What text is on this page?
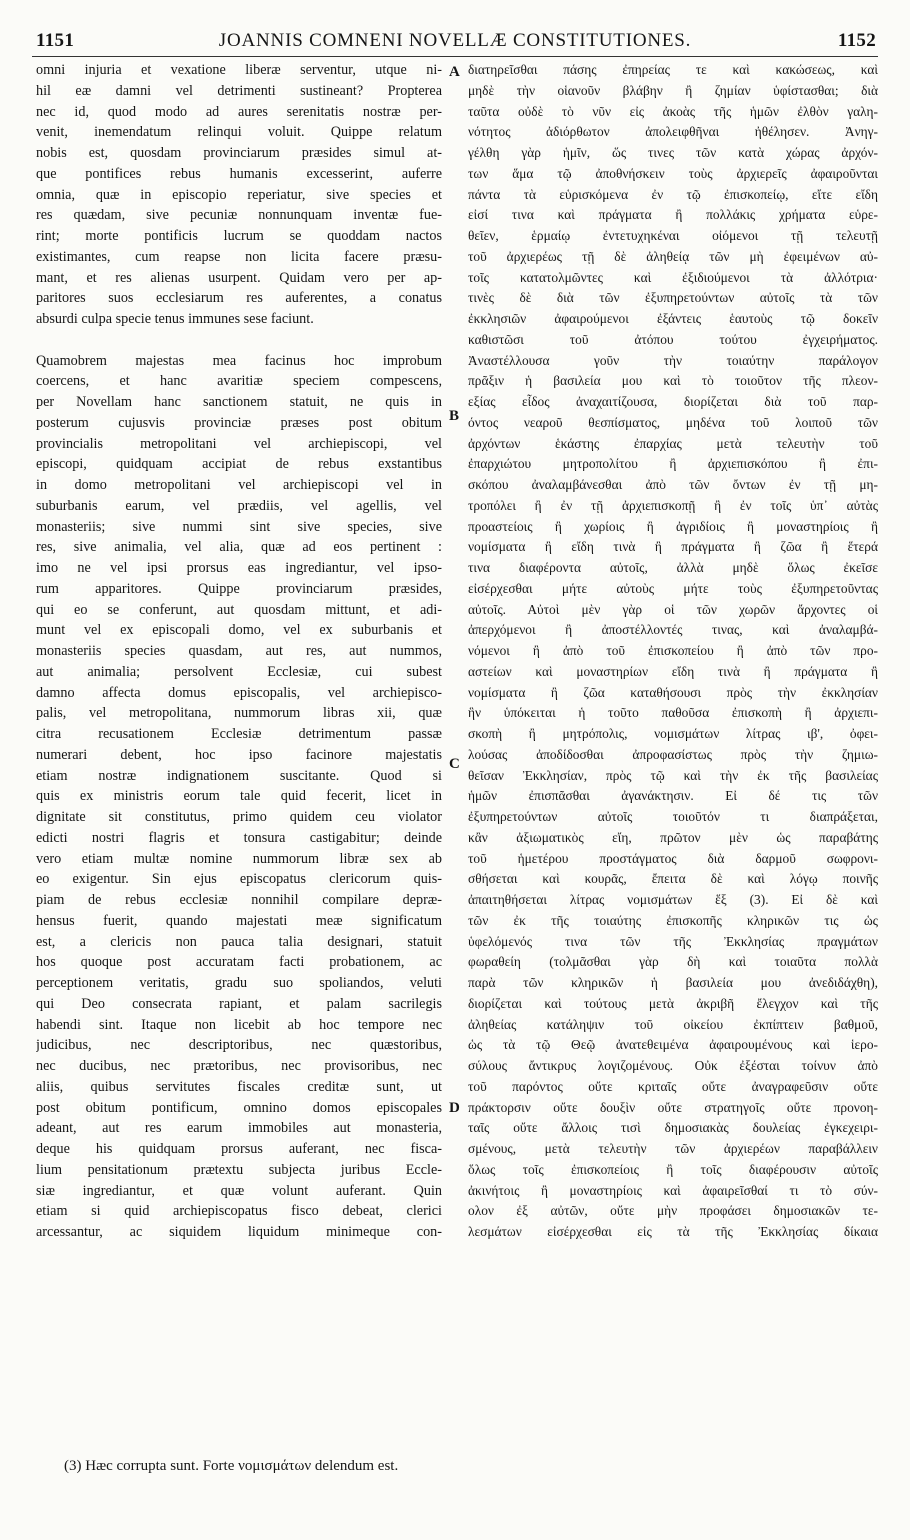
1151	JOANNIS COMNENI NOVELLÆ CONSTITUTIONES.	1152
omni injuria et vexatione liberæ serventur, utque ni-
hil eæ damni vel detrimenti sustineant? Propterea
nec id, quod modo ad aures serenitatis nostræ per-
venit, inemendatum relinqui voluit. Quippe relatum
nobis est, quosdam provinciarum præsides simul at-
que pontifices rebus humanis excesserint, auferre
omnia, quæ in episcopio reperiatur, sive species et
res quædam, sive pecuniæ nonnunquam inventæ fue-
rint; morte pontificis lucrum se quoddam nactos
existimantes, cum reapse non licita facere præsu-
mant, et res alienas usurpent. Quidam vero per ap-
paritores suos ecclesiarum res auferentes, a conatus
absurdi culpa specie tenus immunes sese faciunt.
Quamobrem majestas mea facinus hoc improbum
coercens, et hanc avaritiæ speciem compescens,
per Novellam hanc sanctionem statuit, ne quis in
posterum cujusvis provinciæ præses post obitum
provincialis metropolitani vel archiepiscopi, vel
episcopi, quidquam accipiat de rebus exstantibus
in domo metropolitani vel archiepiscopi vel in
suburbanis earum, vel prædiis, vel agellis, vel
monasteriis; sive nummi sint sive species, sive
res, sive animalia, vel alia, quæ ad eos pertinent :
imo ne vel ipsi prorsus eas ingrediantur, vel ipso-
rum apparitores. Quippe provinciarum præsides,
qui eo se conferunt, aut quosdam mittunt, et adi-
munt vel ex episcopali domo, vel ex suburbanis et
monasteriis species quasdam, aut res, aut nummos,
aut animalia; persolvent Ecclesiæ, cui subest
damno affecta domus episcopalis, vel archiepisco-
palis, vel metropolitana, nummorum libras xii, quæ
citra recusationem Ecclesiæ detrimentum passæ
numerari debent, hoc ipso facinore majestatis
etiam nostræ indignationem suscitante. Quod si
quis ex ministris eorum tale quid fecerit, licet in
dignitate sit constitutus, primo quidem ceu violator
edicti nostri flagris et tonsura castigabitur; deinde
vero etiam multæ nomine nummorum libræ sex ab
eo exigentur. Sin ejus episcopatus clericorum quis-
piam de rebus ecclesiæ nonnihil compilare depræ-
hensus fuerit, quando majestati meæ significatum
est, a clericis non pauca talia designari, statuit
hos quoque post accuratam facti probationem, ac
perceptionem veritatis, gradu suo spoliandos, veluti
qui Deo consecrata rapiant, et palam sacrilegis
habendi sint. Itaque non licebit ab hoc tempore nec
judicibus, nec descriptoribus, nec quæstoribus,
nec ducibus, nec prætoribus, nec provisoribus, nec
aliis, quibus servitutes fiscales creditæ sunt, ut
post obitum pontificum, omnino domos episcopales
adeant, aut res earum immobiles aut monasteria,
deque his quidquam prorsus auferant, nec fisca-
lium pensitationum prætextu subjecta juribus Eccle-
siæ ingrediantur, et quæ volunt auferant. Quin
etiam si quid archiepiscopatus fisco debeat, clerici
arcessantur, ac siquidem liquidum minimeque con-
διατηρεῖσθαι πάσης ἐπηρείας τε καὶ κακώσεως, καὶ
μηδὲ τὴν οἱανοῦν βλάβην ἢ ζημίαν ὑφίστασθαι; διὰ
ταῦτα οὐδὲ τὸ νῦν εἰς ἀκοὰς τῆς ἡμῶν ἐλθὸν γαλη-
νότητος ἀδιόρθωτον ἀπολειφθῆναι ἠθέλησεν. Ἀνηγ-
γέλθη γὰρ ἡμῖν, ὥς τινες τῶν κατὰ χώρας ἀρχόν-
των ἅμα τῷ ἀποθνήσκειν τοὺς ἀρχιερεῖς ἀφαιροῦνται
πάντα τὰ εὑρισκόμενα ἐν τῷ ἐπισκοπείῳ, εἴτε εἴδη
εἰσί τινα καὶ πράγματα ἢ πολλάκις χρήματα εὑρε-
θεῖεν, ἑρμαίῳ ἐντετυχηκέναι οἰόμενοι τῇ τελευτῇ
τοῦ ἀρχιερέως τῇ δὲ ἀληθείᾳ τῶν μὴ ἐφειμένων αὐ-
τοῖς κατατολμῶντες καὶ ἐξιδιούμενοι τὰ ἀλλότρια·
τινὲς δὲ διὰ τῶν ἐξυπηρετούντων αὐτοῖς τὰ τῶν
ἐκκλησιῶν ἀφαιρούμενοι ἐξάντεις ἑαυτοὺς τῷ δοκεῖν
καθιστῶσι τοῦ ἀτόπου τούτου ἐγχειρήματος.
Ἀναστέλλουσα γοῦν τὴν τοιαύτην παράλογον
πρᾶξιν ἡ βασιλεία μου καὶ τὸ τοιοῦτον τῆς πλεον-
εξίας εἶδος ἀναχαιτίζουσα, διορίζεται διὰ τοῦ παρ-
όντος νεαροῦ θεσπίσματος, μηδένα τοῦ λοιποῦ τῶν
ἀρχόντων ἑκάστης ἐπαρχίας μετὰ τελευτὴν τοῦ
ἐπαρχιώτου μητροπολίτου ἢ ἀρχιεπισκόπου ἢ ἐπι-
σκόπου ἀναλαμβάνεσθαι ἀπὸ τῶν ὄντων ἐν τῇ μη-
τροπόλει ἢ ἐν τῇ ἀρχιεπισκοπῇ ἢ ἐν τοῖς ὑπ᾽ αὐτὰς
προαστείοις ἢ χωρίοις ἢ ἀγριδίοις ἢ μοναστηρίοις ἢ
νομίσματα ἢ εἴδη τινὰ ἢ πράγματα ἢ ζῶα ἢ ἕτερά
τινα διαφέροντα αὐτοῖς, ἀλλὰ μηδὲ ὅλως ἐκεῖσε
εἰσέρχεσθαι μήτε αὐτοὺς μήτε τοὺς ἐξυπηρετοῦντας
αὐτοῖς. Αὐτοὶ μὲν γὰρ οἱ τῶν χωρῶν ἄρχοντες οἱ
ἀπερχόμενοι ἢ ἀποστέλλοντές τινας, καὶ ἀναλαμβά-
νόμενοι ἢ ἀπὸ τοῦ ἐπισκοπείου ἢ ἀπὸ τῶν προ-
αστείων καὶ μοναστηρίων εἴδη τινὰ ἢ πράγματα ἢ
νομίσματα ἢ ζῶα καταθήσουσι πρὸς τὴν ἐκκλησίαν
ἣν ὑπόκειται ἡ τοῦτο παθοῦσα ἐπισκοπὴ ἢ ἀρχιεπι-
σκοπὴ ἢ μητρόπολις, νομισμάτων λίτρας ιβ', ὀφει-
λούσας ἀποδίδοσθαι ἀπροφασίστως πρὸς τὴν ζημιω-
θεῖσαν Ἐκκλησίαν, πρὸς τῷ καὶ τὴν ἐκ τῆς βασιλείας
ἡμῶν ἐπισπᾶσθαι ἀγανάκτησιν. Εἰ δέ τις τῶν
ἐξυπηρετούντων αὐτοῖς τοιοῦτόν τι διαπράξεται,
κἂν ἀξιωματικὸς εἴη, πρῶτον μὲν ὡς παραβάτης
τοῦ ἡμετέρου προστάγματος διὰ δαρμοῦ σωφρονι-
σθήσεται καὶ κουρᾶς, ἔπειτα δὲ καὶ λόγῳ ποινῆς
ἀπαιτηθήσεται λίτρας νομισμάτων ἕξ (3). Εἰ δὲ καὶ
τῶν ἐκ τῆς τοιαύτης ἐπισκοπῆς κληρικῶν τις ὡς
ὑφελόμενός τινα τῶν τῆς Ἐκκλησίας πραγμάτων
φωραθείη (τολμᾶσθαι γὰρ δὴ καὶ τοιαῦτα πολλὰ
παρὰ τῶν κληρικῶν ἡ βασιλεία μου ἀνεδιδάχθη),
διορίζεται καὶ τούτους μετὰ ἀκριβῆ ἔλεγχον καὶ τῆς
ἀληθείας κατάληψιν τοῦ οἰκείου ἐκπίπτειν βαθμοῦ,
ὡς τὰ τῷ Θεῷ ἀνατεθειμένα ἀφαιρουμένους καὶ ἱερο-
σύλους ἄντικρυς λογιζομένους. Οὐκ ἐξέσται τοίνυν ἀπὸ
τοῦ παρόντος οὔτε κριταῖς οὔτε ἀναγραφεῦσιν οὔτε
πράκτορσιν οὔτε δουξὶν οὔτε στρατηγοῖς οὔτε προνοη-
ταῖς οὔτε ἄλλοις τισὶ δημοσιακὰς δουλείας ἐγκεχειρι-
σμένους, μετὰ τελευτὴν τῶν ἀρχιερέων παραβάλλειν
ὅλως τοῖς ἐπισκοπείοις ἢ τοῖς διαφέρουσιν αὐτοῖς
ἀκινήτοις ἢ μοναστηρίοις καὶ ἀφαιρεῖσθαί τι τὸ σύν-
ολον ἐξ αὐτῶν, οὔτε μὴν προφάσει δημοσιακῶν τε-
λεσμάτων εἰσέρχεσθαι εἰς τὰ τῆς Ἐκκλησίας δίκαια
A
B
C
D
(3) Hæc corrupta sunt. Forte νομισμάτων delendum est.
